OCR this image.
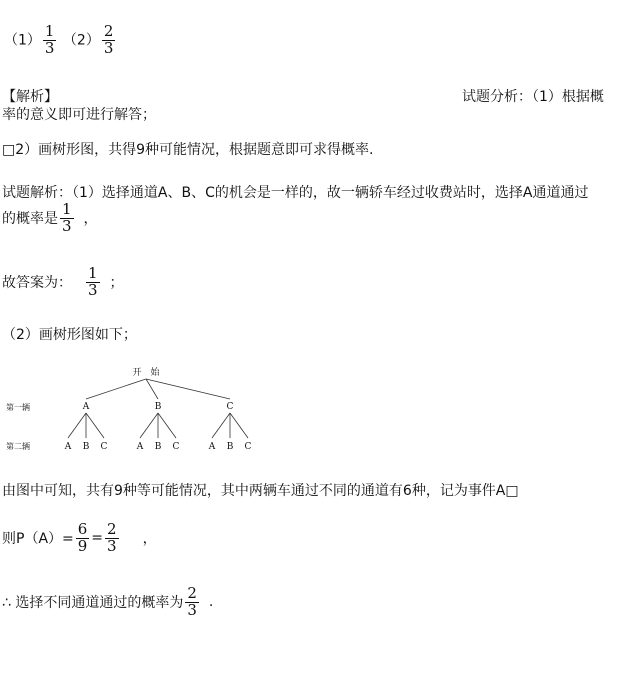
$(1) \frac{1}{3} (2) \frac{2}{3}$
【解析】	试题分析：（1）根据概
率的意义即可进行解答；
□2）画树形图，共得9种可能情况，根据题意即可求得概率.
试题解析：（1）选择通道A、B、C的机会是一样的，故一辆轿车经过收费站时，选择A通道通过
的概率是 $\frac{1}{3}$ ，
故答案为： $\frac{1}{3}$ ；
（2）画树形图如下；
开　始
第一辆	A	B	C
第二辆	A B C	A B C	A B C
由图中可知，共有9种等可能情况，其中两辆车通过不同的通道有6种，记为事件A□
则$P(A)= \frac{6}{9} = \frac{2}{3}$ ，
∴ 选择不同通道通过的概率为 $\frac{2}{3}$ .
